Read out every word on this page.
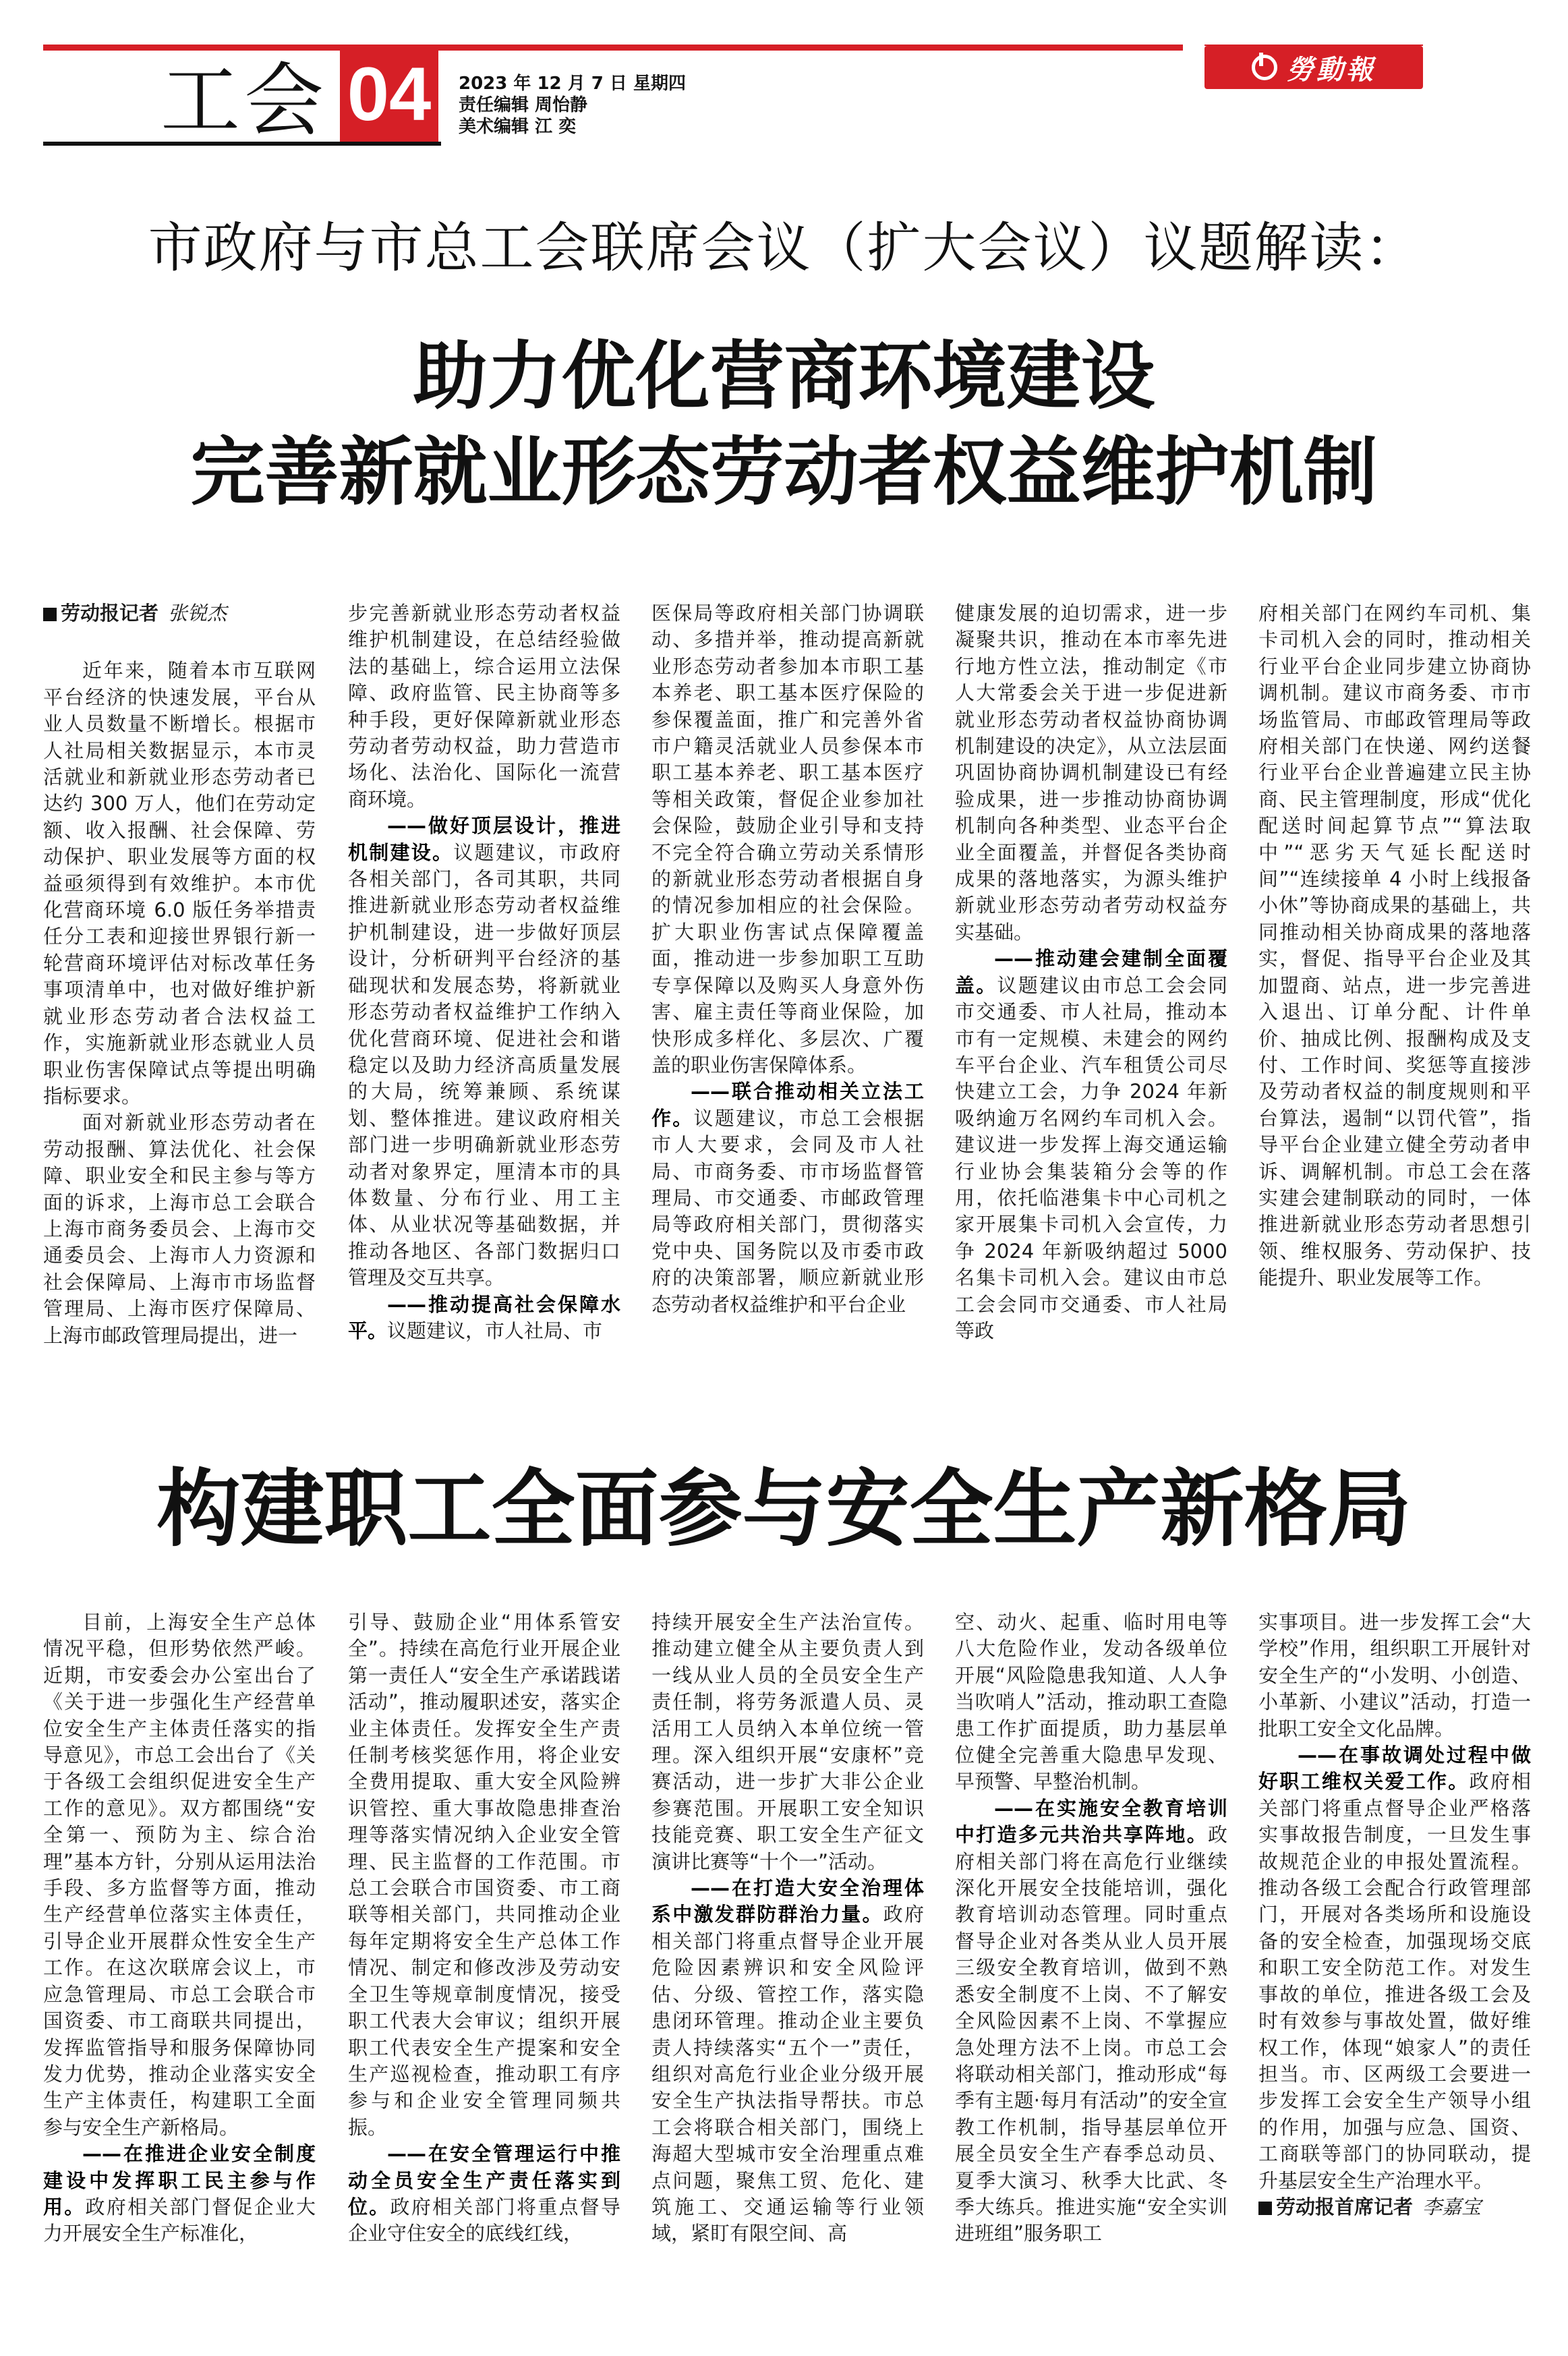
工会 04	2023 年 12 月 7 日 星期四
责任编辑 周怡静
美术编辑 江 奕
勞動報
市政府与市总工会联席会议（扩大会议）议题解读：
助力优化营商环境建设
完善新就业形态劳动者权益维护机制

劳动报记者 张锐杰

近年来，随着本市互联网平台经济的快速发展，平台从业人员数量不断增长。根据市人社局相关数据显示，本市灵活就业和新就业形态劳动者已达约 300 万人，他们在劳动定额、收入报酬、社会保障、劳动保护、职业发展等方面的权益亟须得到有效维护。本市优化营商环境 6.0 版任务举措责任分工表和迎接世界银行新一轮营商环境评估对标改革任务事项清单中，也对做好维护新就业形态劳动者合法权益工作，实施新就业形态就业人员职业伤害保障试点等提出明确指标要求。

面对新就业形态劳动者在劳动报酬、算法优化、社会保障、职业安全和民主参与等方面的诉求，上海市总工会联合上海市商务委员会、上海市交通委员会、上海市人力资源和社会保障局、上海市市场监督管理局、上海市医疗保障局、上海市邮政管理局提出，进一

步完善新就业形态劳动者权益维护机制建设，在总结经验做法的基础上，综合运用立法保障、政府监管、民主协商等多种手段，更好保障新就业形态劳动者劳动权益，助力营造市场化、法治化、国际化一流营商环境。

——做好顶层设计，推进机制建设。议题建议，市政府各相关部门，各司其职，共同推进新就业形态劳动者权益维护机制建设，进一步做好顶层设计，分析研判平台经济的基础现状和发展态势，将新就业形态劳动者权益维护工作纳入优化营商环境、促进社会和谐稳定以及助力经济高质量发展的大局，统筹兼顾、系统谋划、整体推进。建议政府相关部门进一步明确新就业形态劳动者对象界定，厘清本市的具体数量、分布行业、用工主体、从业状况等基础数据，并推动各地区、各部门数据归口管理及交互共享。

——推动提高社会保障水平。议题建议，市人社局、市

医保局等政府相关部门协调联动、多措并举，推动提高新就业形态劳动者参加本市职工基本养老、职工基本医疗保险的参保覆盖面，推广和完善外省市户籍灵活就业人员参保本市职工基本养老、职工基本医疗等相关政策，督促企业参加社会保险，鼓励企业引导和支持不完全符合确立劳动关系情形的新就业形态劳动者根据自身的情况参加相应的社会保险。扩大职业伤害试点保障覆盖面，推动进一步参加职工互助专享保障以及购买人身意外伤害、雇主责任等商业保险，加快形成多样化、多层次、广覆盖的职业伤害保障体系。

——联合推动相关立法工作。议题建议，市总工会根据市人大要求，会同及市人社局、市商务委、市市场监督管理局、市交通委、市邮政管理局等政府相关部门，贯彻落实党中央、国务院以及市委市政府的决策部署，顺应新就业形态劳动者权益维护和平台企业

健康发展的迫切需求，进一步凝聚共识，推动在本市率先进行地方性立法，推动制定《市人大常委会关于进一步促进新就业形态劳动者权益协商协调机制建设的决定》，从立法层面巩固协商协调机制建设已有经验成果，进一步推动协商协调机制向各种类型、业态平台企业全面覆盖，并督促各类协商成果的落地落实，为源头维护新就业形态劳动者劳动权益夯实基础。

——推动建会建制全面覆盖。议题建议由市总工会会同市交通委、市人社局，推动本市有一定规模、未建会的网约车平台企业、汽车租赁公司尽快建立工会，力争 2024 年新吸纳逾万名网约车司机入会。建议进一步发挥上海交通运输行业协会集装箱分会等的作用，依托临港集卡中心司机之家开展集卡司机入会宣传，力争 2024 年新吸纳超过 5000 名集卡司机入会。建议由市总工会会同市交通委、市人社局等政

府相关部门在网约车司机、集卡司机入会的同时，推动相关行业平台企业同步建立协商协调机制。建议市商务委、市市场监管局、市邮政管理局等政府相关部门在快递、网约送餐行业平台企业普遍建立民主协商、民主管理制度，形成“优化配送时间起算节点”“算法取中”“恶劣天气延长配送时间”“连续接单 4 小时上线报备小休”等协商成果的基础上，共同推动相关协商成果的落地落实，督促、指导平台企业及其加盟商、站点，进一步完善进入退出、订单分配、计件单价、抽成比例、报酬构成及支付、工作时间、奖惩等直接涉及劳动者权益的制度规则和平台算法，遏制“以罚代管”，指导平台企业建立健全劳动者申诉、调解机制。市总工会在落实建会建制联动的同时，一体推进新就业形态劳动者思想引领、维权服务、劳动保护、技能提升、职业发展等工作。

构建职工全面参与安全生产新格局

目前，上海安全生产总体情况平稳，但形势依然严峻。近期，市安委会办公室出台了《关于进一步强化生产经营单位安全生产主体责任落实的指导意见》，市总工会出台了《关于各级工会组织促进安全生产工作的意见》。双方都围绕“安全第一、预防为主、综合治理”基本方针，分别从运用法治手段、多方监督等方面，推动生产经营单位落实主体责任，引导企业开展群众性安全生产工作。在这次联席会议上，市应急管理局、市总工会联合市国资委、市工商联共同提出，发挥监管指导和服务保障协同发力优势，推动企业落实安全生产主体责任，构建职工全面参与安全生产新格局。

——在推进企业安全制度建设中发挥职工民主参与作用。政府相关部门督促企业大力开展安全生产标准化，

引导、鼓励企业“用体系管安全”。持续在高危行业开展企业第一责任人“安全生产承诺践诺活动”，推动履职述安，落实企业主体责任。发挥安全生产责任制考核奖惩作用，将企业安全费用提取、重大安全风险辨识管控、重大事故隐患排查治理等落实情况纳入企业安全管理、民主监督的工作范围。市总工会联合市国资委、市工商联等相关部门，共同推动企业每年定期将安全生产总体工作情况、制定和修改涉及劳动安全卫生等规章制度情况，接受职工代表大会审议；组织开展职工代表安全生产提案和安全生产巡视检查，推动职工有序参与和企业安全管理同频共振。

——在安全管理运行中推动全员安全生产责任落实到位。政府相关部门将重点督导企业守住安全的底线红线，

持续开展安全生产法治宣传。推动建立健全从主要负责人到一线从业人员的全员安全生产责任制，将劳务派遣人员、灵活用工人员纳入本单位统一管理。深入组织开展“安康杯”竞赛活动，进一步扩大非公企业参赛范围。开展职工安全知识技能竞赛、职工安全生产征文演讲比赛等“十个一”活动。

——在打造大安全治理体系中激发群防群治力量。政府相关部门将重点督导企业开展危险因素辨识和安全风险评估、分级、管控工作，落实隐患闭环管理。推动企业主要负责人持续落实“五个一”责任，组织对高危行业企业分级开展安全生产执法指导帮扶。市总工会将联合相关部门，围绕上海超大型城市安全治理重点难点问题，聚焦工贸、危化、建筑施工、交通运输等行业领域，紧盯有限空间、高

空、动火、起重、临时用电等八大危险作业，发动各级单位开展“风险隐患我知道、人人争当吹哨人”活动，推动职工查隐患工作扩面提质，助力基层单位健全完善重大隐患早发现、早预警、早整治机制。

——在实施安全教育培训中打造多元共治共享阵地。政府相关部门将在高危行业继续深化开展安全技能培训，强化教育培训动态管理。同时重点督导企业对各类从业人员开展三级安全教育培训，做到不熟悉安全制度不上岗、不了解安全风险因素不上岗、不掌握应急处理方法不上岗。市总工会将联动相关部门，推动形成“每季有主题·每月有活动”的安全宣教工作机制，指导基层单位开展全员安全生产春季总动员、夏季大演习、秋季大比武、冬季大练兵。推进实施“安全实训进班组”服务职工

实事项目。进一步发挥工会“大学校”作用，组织职工开展针对安全生产的“小发明、小创造、小革新、小建议”活动，打造一批职工安全文化品牌。

——在事故调处过程中做好职工维权关爱工作。政府相关部门将重点督导企业严格落实事故报告制度，一旦发生事故规范企业的申报处置流程。推动各级工会配合行政管理部门，开展对各类场所和设施设备的安全检查，加强现场交底和职工安全防范工作。对发生事故的单位，推进各级工会及时有效参与事故处置，做好维权工作，体现“娘家人”的责任担当。市、区两级工会要进一步发挥工会安全生产领导小组的作用，加强与应急、国资、工商联等部门的协同联动，提升基层安全生产治理水平。

劳动报首席记者 李嘉宝
